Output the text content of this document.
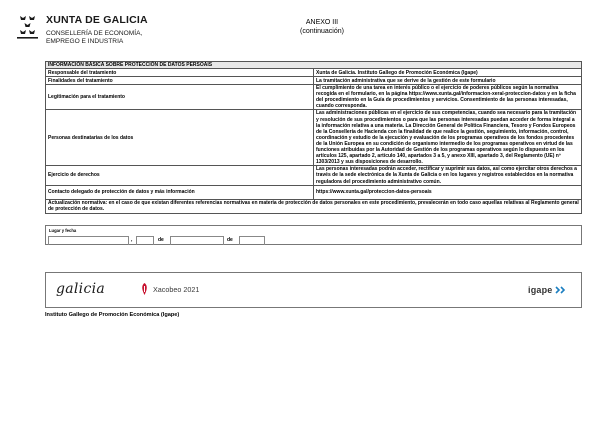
XUNTA DE GALICIA
CONSELLERÍA DE ECONOMÍA,
EMPREGO E INDUSTRIA
ANEXO III
(continuación)
INFORMACIÓN BÁSICA SOBRE PROTECCIÓN DE DATOS PERSOAIS	
Responsable del tratamiento	Xunta de Galicia. Instituto Gallego de Promoción Económica (Igape)
Finalidades del tratamiento	La tramitación administrativa que se derive de la gestión de este formulario
Legitimación para el tratamiento	El cumplimiento de una tarea en interés público o el ejercicio de poderes públicos según la normativa recogida en el formulario, en la página https://www.xunta.gal/informacion-xeral-proteccion-datos y en la ficha del procedimiento en la Guía de procedimientos y servicios. Consentimiento de las personas interesadas, cuando corresponda.
Personas destinatarias de los datos	Las administraciones públicas en el ejercicio de sus competencias, cuando sea necesario para la tramitación y resolución de sus procedimientos o para que las personas interesadas puedan acceder de forma integral a la información relativa a una materia. La Dirección General de Política Financiera, Tesoro y Fondos Europeos de la Consellería de Hacienda con la finalidad de que realice la gestión, seguimiento, información, control, coordinación y estudio de la ejecución y evaluación de los programas operativos de los fondos procedentes de la Unión Europea en su condición de organismo intermedio de los programas operativos en virtud de las funciones atribuidas por la Autoridad de Gestión de los programas operativos según lo dispuesto en los artículos 125, apartado 2, artículo 140, apartados 3 a 5, y anexo XIII, apartado 3, del Reglamento (UE) nº 1303/2013 y sus disposiciones de desarrollo.
Ejercicio de derechos	Las personas interesadas podrán acceder, rectificar y suprimir sus datos, así como ejercitar otros derechos a través de la sede electrónica de la Xunta de Galicia o en los lugares y registros establecidos en la normativa reguladora del procedimiento administrativo común.
Contacto delegado de protección de datos y más información	https://www.xunta.gal/proteccion-datos-persoais
Actualización normativa: en el caso de que existan diferentes referencias normativas en materia de protección de datos personales en este procedimiento, prevalecerán en todo caso aquellas relativas al Reglamento general de protección de datos.	
Lugar y fecha
,	de	de
galicia	Xacobeo 2021	igape
Instituto Gallego de Promoción Económica (Igape)
